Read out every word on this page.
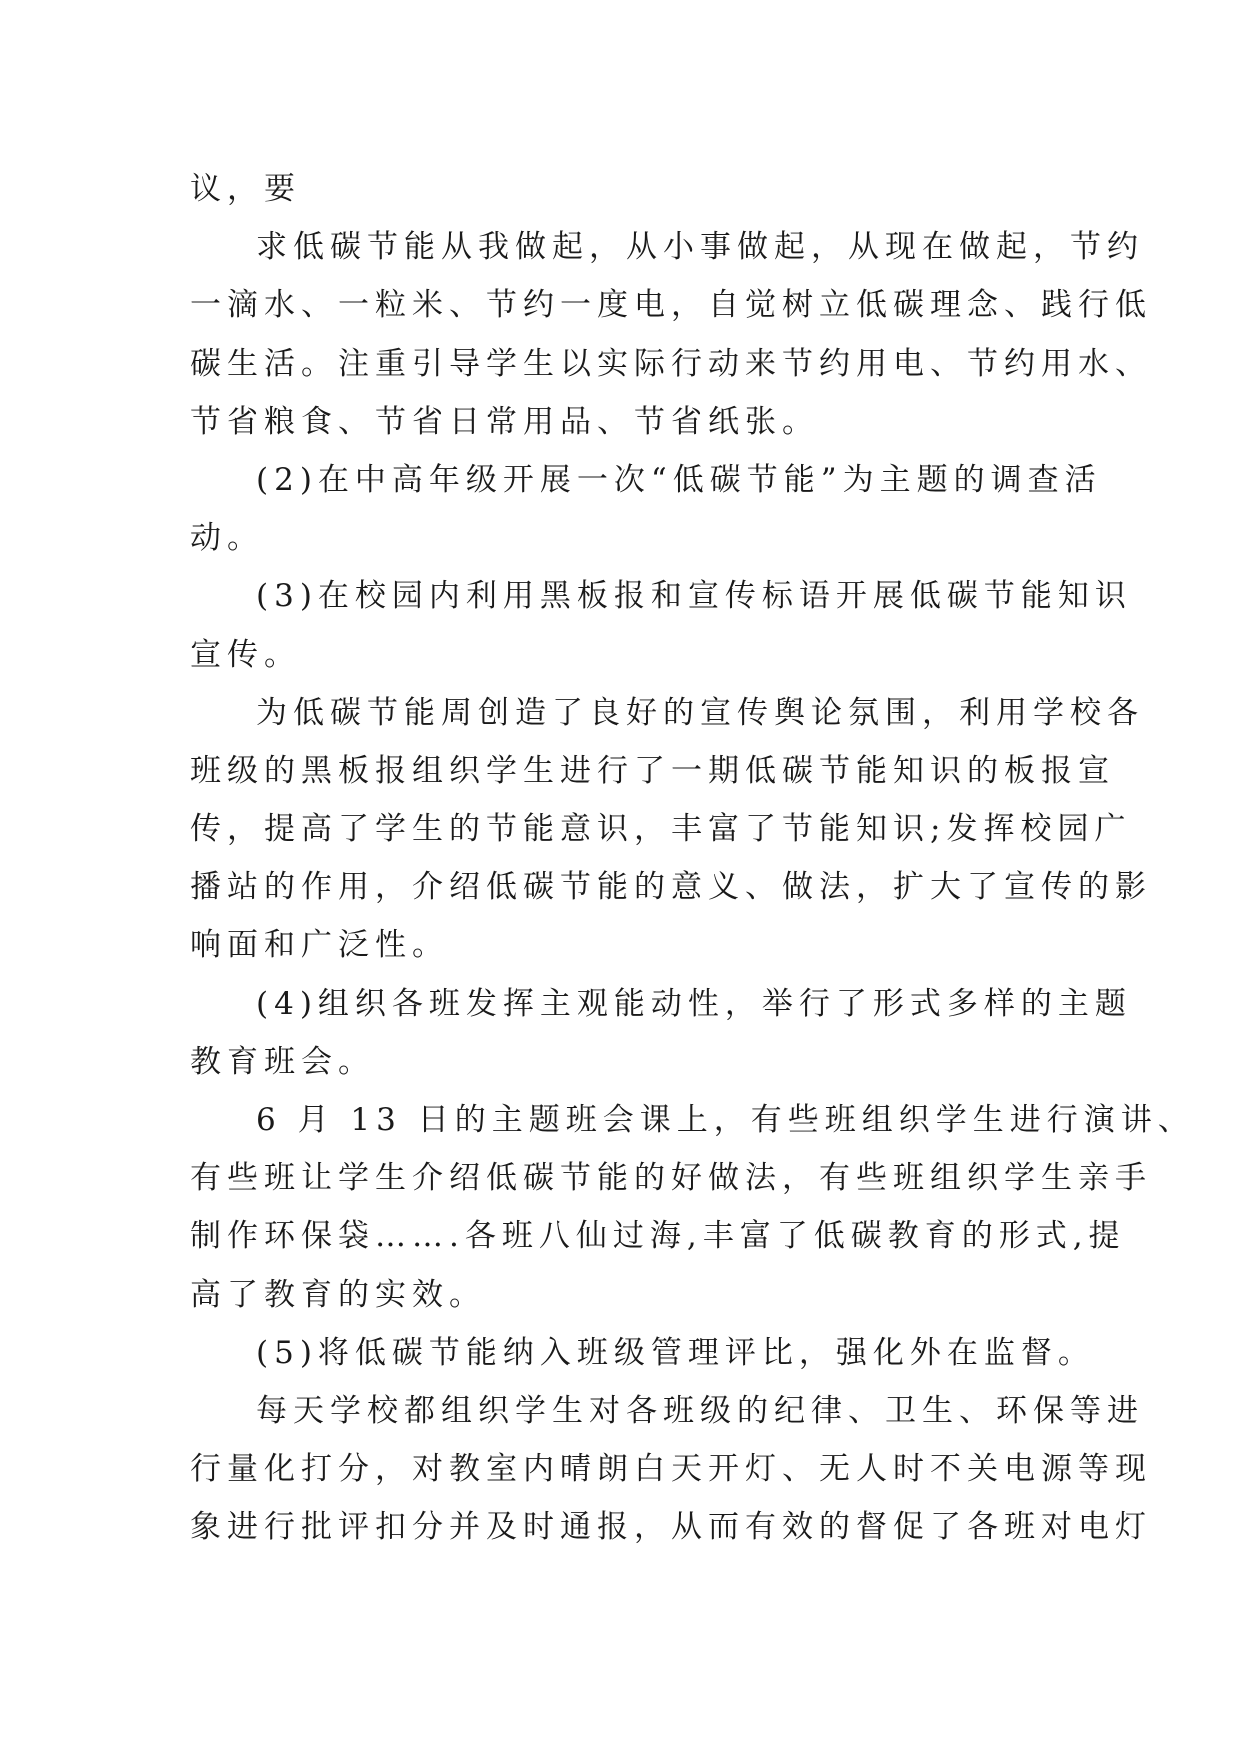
议，要
求低碳节能从我做起，从小事做起，从现在做起，节约
一滴水、一粒米、节约一度电，自觉树立低碳理念、践行低
碳生活。注重引导学生以实际行动来节约用电、节约用水、
节省粮食、节省日常用品、节省纸张。
(2)在中高年级开展一次“低碳节能”为主题的调查活
动。
(3)在校园内利用黑板报和宣传标语开展低碳节能知识
宣传。
为低碳节能周创造了良好的宣传舆论氛围，利用学校各
班级的黑板报组织学生进行了一期低碳节能知识的板报宣
传，提高了学生的节能意识，丰富了节能知识;发挥校园广
播站的作用，介绍低碳节能的意义、做法，扩大了宣传的影
响面和广泛性。
(4)组织各班发挥主观能动性，举行了形式多样的主题
教育班会。
6 月 13 日的主题班会课上，有些班组织学生进行演讲、
有些班让学生介绍低碳节能的好做法，有些班组织学生亲手
制作环保袋…….各班八仙过海,丰富了低碳教育的形式,提
高了教育的实效。
(5)将低碳节能纳入班级管理评比，强化外在监督。
每天学校都组织学生对各班级的纪律、卫生、环保等进
行量化打分，对教室内晴朗白天开灯、无人时不关电源等现
象进行批评扣分并及时通报，从而有效的督促了各班对电灯
